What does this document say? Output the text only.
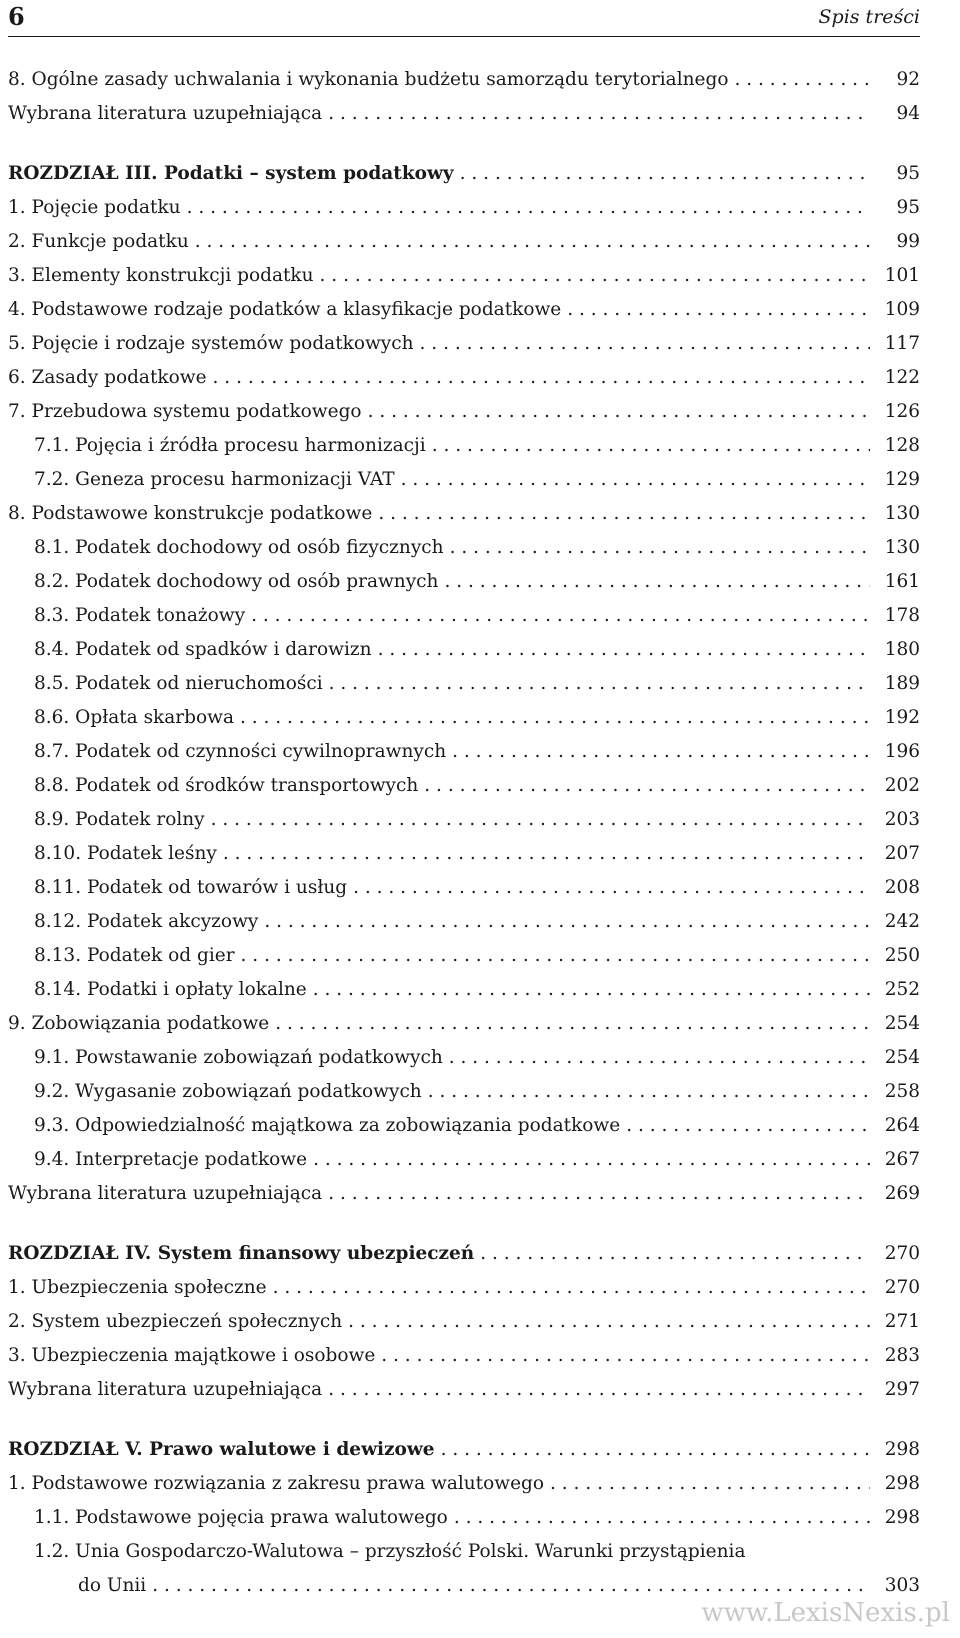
6	Spis treści
8. Ogólne zasady uchwalania i wykonania budżetu samorządu terytorialnego . . .	92
Wybrana literatura uzupełniająca . . .	94
ROZDZIAŁ III. Podatki – system podatkowy . . .	95
1. Pojęcie podatku . . .	95
2. Funkcje podatku . . .	99
3. Elementy konstrukcji podatku . . .	101
4. Podstawowe rodzaje podatków a klasyfikacje podatkowe . . .	109
5. Pojęcie i rodzaje systemów podatkowych . . .	117
6. Zasady podatkowe . . .	122
7. Przebudowa systemu podatkowego . . .	126
7.1. Pojęcia i źródła procesu harmonizacji . . .	128
7.2. Geneza procesu harmonizacji VAT . . .	129
8. Podstawowe konstrukcje podatkowe . . .	130
8.1. Podatek dochodowy od osób fizycznych . . .	130
8.2. Podatek dochodowy od osób prawnych . . .	161
8.3. Podatek tonażowy . . .	178
8.4. Podatek od spadków i darowizn . . .	180
8.5. Podatek od nieruchomości . . .	189
8.6. Opłata skarbowa . . .	192
8.7. Podatek od czynności cywilnoprawnych . . .	196
8.8. Podatek od środków transportowych . . .	202
8.9. Podatek rolny . . .	203
8.10. Podatek leśny . . .	207
8.11. Podatek od towarów i usług . . .	208
8.12. Podatek akcyzowy . . .	242
8.13. Podatek od gier . . .	250
8.14. Podatki i opłaty lokalne . . .	252
9. Zobowiązania podatkowe . . .	254
9.1. Powstawanie zobowiązań podatkowych . . .	254
9.2. Wygasanie zobowiązań podatkowych . . .	258
9.3. Odpowiedzialność majątkowa za zobowiązania podatkowe . . .	264
9.4. Interpretacje podatkowe . . .	267
Wybrana literatura uzupełniająca . . .	269
ROZDZIAŁ IV. System finansowy ubezpieczeń . . .	270
1. Ubezpieczenia społeczne . . .	270
2. System ubezpieczeń społecznych . . .	271
3. Ubezpieczenia majątkowe i osobowe . . .	283
Wybrana literatura uzupełniająca . . .	297
ROZDZIAŁ V. Prawo walutowe i dewizowe . . .	298
1. Podstawowe rozwiązania z zakresu prawa walutowego . . .	298
1.1. Podstawowe pojęcia prawa walutowego . . .	298
1.2. Unia Gospodarczo-Walutowa – przyszłość Polski. Warunki przystąpienia
do Unii . . .	303
www.LexisNexis.pl
